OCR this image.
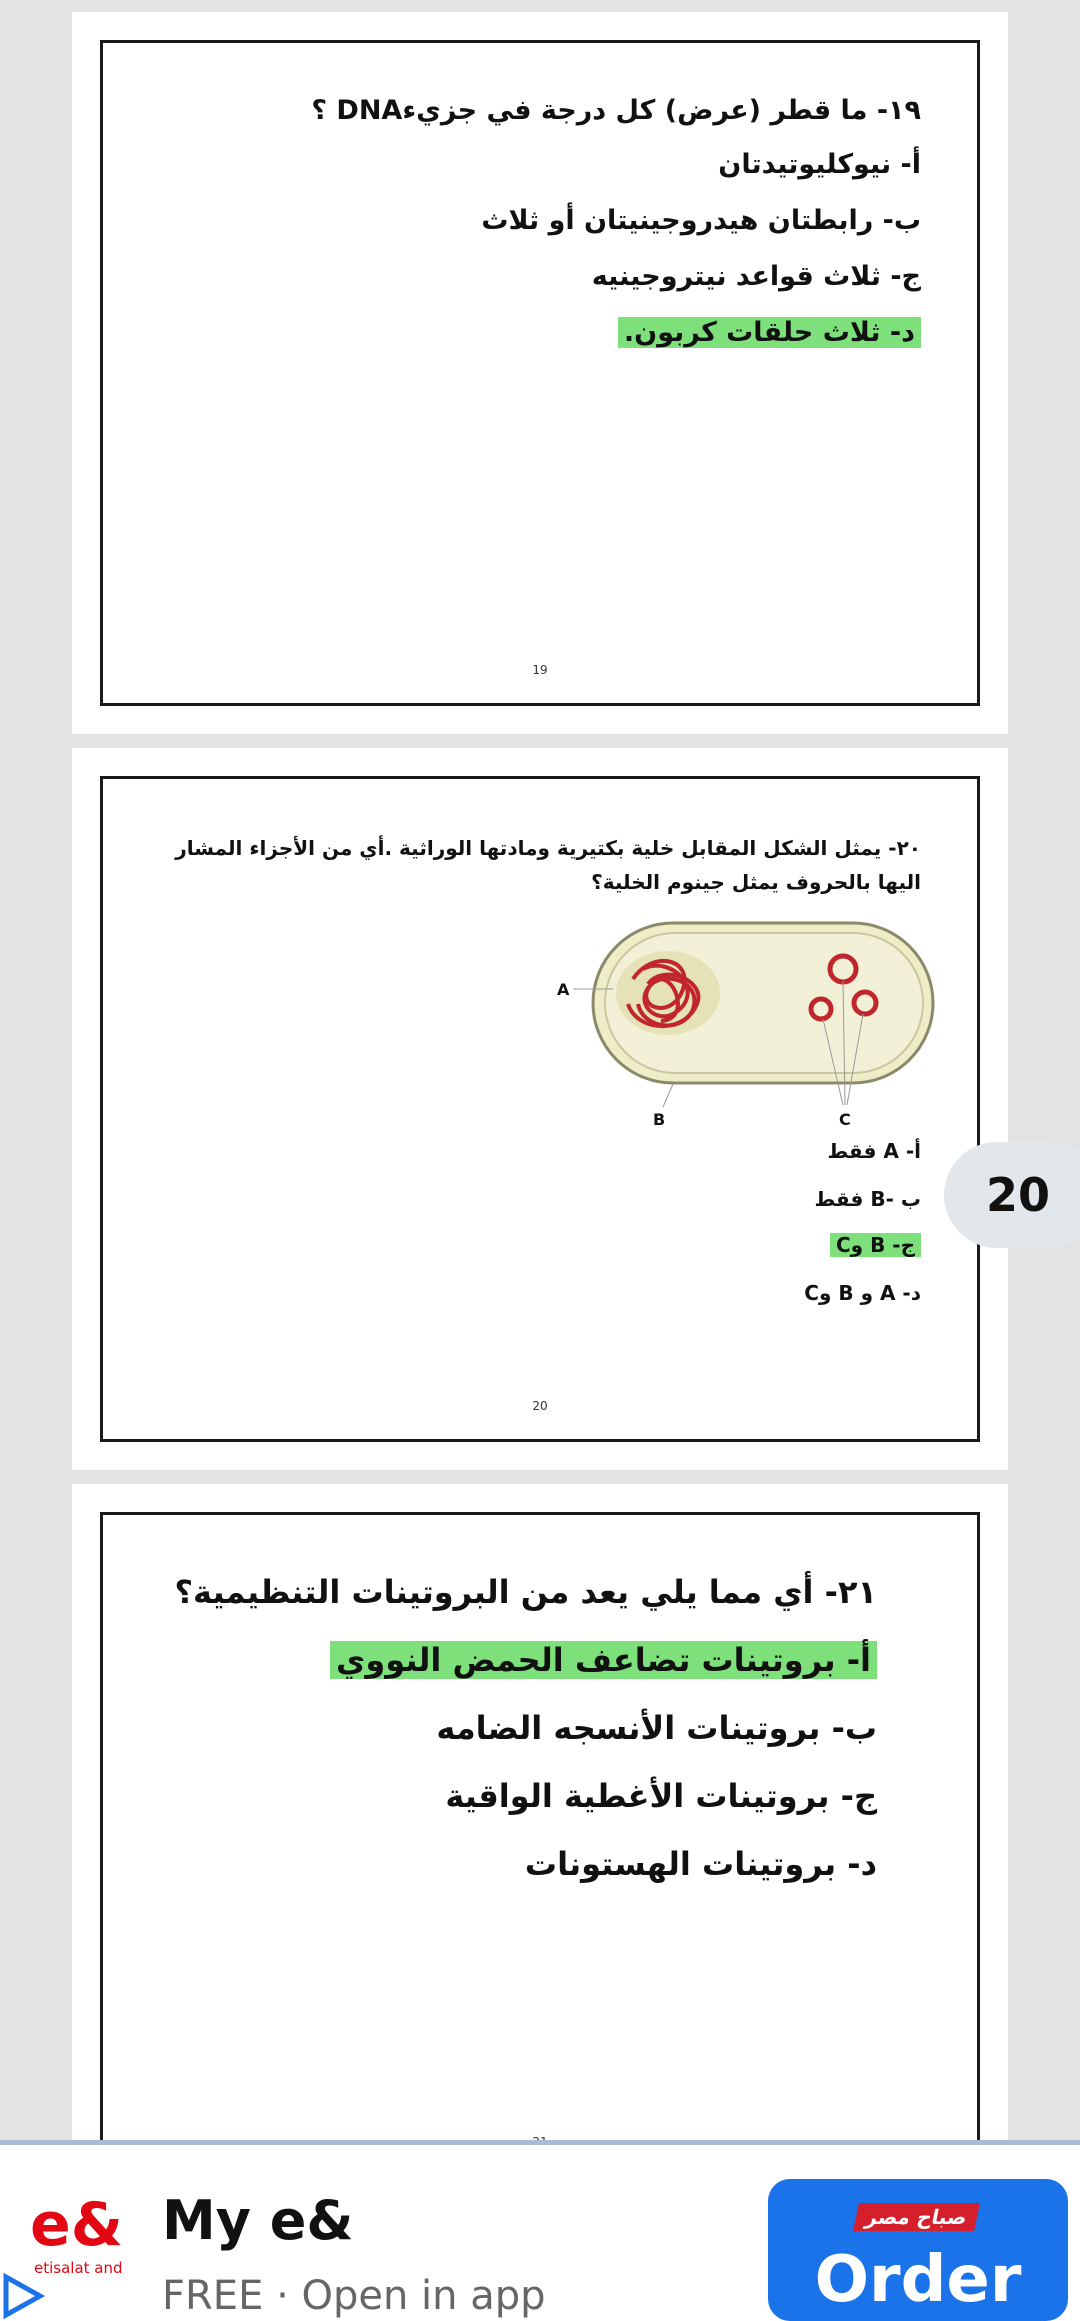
١٩- ما قطر (عرض) كل درجة في جزيءDNA ؟
أ- نيوكليوتيدتان
ب- رابطتان هيدروجينيتان أو ثلاث
ج- ثلاث قواعد نيتروجينيه
د- ثلاث حلقات كربون.
19
٢٠- يمثل الشكل المقابل خلية بكتيرية ومادتها الوراثية .أي من الأجزاء المشار اليها بالحروف يمثل جينوم الخلية؟
A
B	C
أ- A فقط
ب -B فقط
ج- B وC
د- A و B وC
20
٢١- أي مما يلي يعد من البروتينات التنظيمية؟
أ- بروتينات تضاعف الحمض النووي
ب- بروتينات الأنسجه الضامه
ج- بروتينات الأغطية الواقية
د- بروتينات الهستونات
20
e&
etisalat and
My e&
FREE · Open in app	Order
صباح مصر
